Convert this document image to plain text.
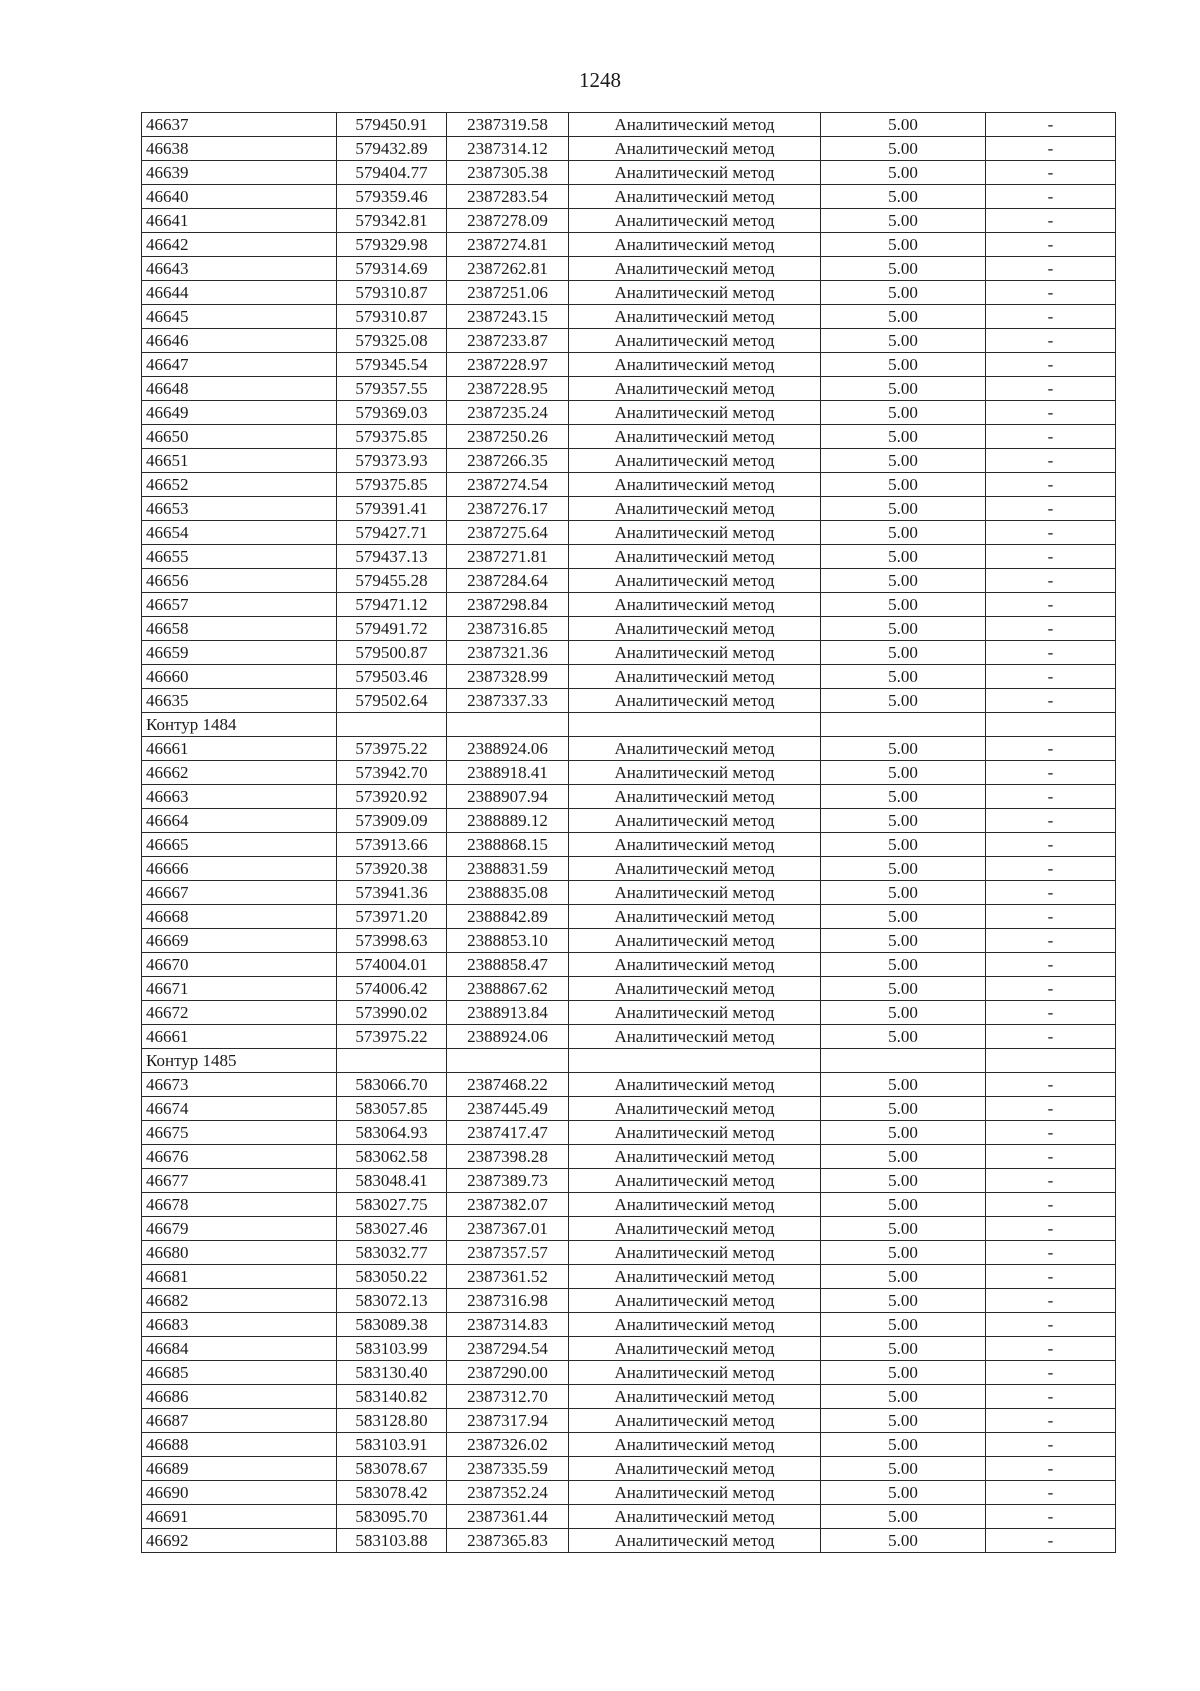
1248
46637	579450.91	2387319.58	Аналитический метод	5.00	-
46638	579432.89	2387314.12	Аналитический метод	5.00	-
46639	579404.77	2387305.38	Аналитический метод	5.00	-
46640	579359.46	2387283.54	Аналитический метод	5.00	-
46641	579342.81	2387278.09	Аналитический метод	5.00	-
46642	579329.98	2387274.81	Аналитический метод	5.00	-
46643	579314.69	2387262.81	Аналитический метод	5.00	-
46644	579310.87	2387251.06	Аналитический метод	5.00	-
46645	579310.87	2387243.15	Аналитический метод	5.00	-
46646	579325.08	2387233.87	Аналитический метод	5.00	-
46647	579345.54	2387228.97	Аналитический метод	5.00	-
46648	579357.55	2387228.95	Аналитический метод	5.00	-
46649	579369.03	2387235.24	Аналитический метод	5.00	-
46650	579375.85	2387250.26	Аналитический метод	5.00	-
46651	579373.93	2387266.35	Аналитический метод	5.00	-
46652	579375.85	2387274.54	Аналитический метод	5.00	-
46653	579391.41	2387276.17	Аналитический метод	5.00	-
46654	579427.71	2387275.64	Аналитический метод	5.00	-
46655	579437.13	2387271.81	Аналитический метод	5.00	-
46656	579455.28	2387284.64	Аналитический метод	5.00	-
46657	579471.12	2387298.84	Аналитический метод	5.00	-
46658	579491.72	2387316.85	Аналитический метод	5.00	-
46659	579500.87	2387321.36	Аналитический метод	5.00	-
46660	579503.46	2387328.99	Аналитический метод	5.00	-
46635	579502.64	2387337.33	Аналитический метод	5.00	-
Контур 1484					
46661	573975.22	2388924.06	Аналитический метод	5.00	-
46662	573942.70	2388918.41	Аналитический метод	5.00	-
46663	573920.92	2388907.94	Аналитический метод	5.00	-
46664	573909.09	2388889.12	Аналитический метод	5.00	-
46665	573913.66	2388868.15	Аналитический метод	5.00	-
46666	573920.38	2388831.59	Аналитический метод	5.00	-
46667	573941.36	2388835.08	Аналитический метод	5.00	-
46668	573971.20	2388842.89	Аналитический метод	5.00	-
46669	573998.63	2388853.10	Аналитический метод	5.00	-
46670	574004.01	2388858.47	Аналитический метод	5.00	-
46671	574006.42	2388867.62	Аналитический метод	5.00	-
46672	573990.02	2388913.84	Аналитический метод	5.00	-
46661	573975.22	2388924.06	Аналитический метод	5.00	-
Контур 1485					
46673	583066.70	2387468.22	Аналитический метод	5.00	-
46674	583057.85	2387445.49	Аналитический метод	5.00	-
46675	583064.93	2387417.47	Аналитический метод	5.00	-
46676	583062.58	2387398.28	Аналитический метод	5.00	-
46677	583048.41	2387389.73	Аналитический метод	5.00	-
46678	583027.75	2387382.07	Аналитический метод	5.00	-
46679	583027.46	2387367.01	Аналитический метод	5.00	-
46680	583032.77	2387357.57	Аналитический метод	5.00	-
46681	583050.22	2387361.52	Аналитический метод	5.00	-
46682	583072.13	2387316.98	Аналитический метод	5.00	-
46683	583089.38	2387314.83	Аналитический метод	5.00	-
46684	583103.99	2387294.54	Аналитический метод	5.00	-
46685	583130.40	2387290.00	Аналитический метод	5.00	-
46686	583140.82	2387312.70	Аналитический метод	5.00	-
46687	583128.80	2387317.94	Аналитический метод	5.00	-
46688	583103.91	2387326.02	Аналитический метод	5.00	-
46689	583078.67	2387335.59	Аналитический метод	5.00	-
46690	583078.42	2387352.24	Аналитический метод	5.00	-
46691	583095.70	2387361.44	Аналитический метод	5.00	-
46692	583103.88	2387365.83	Аналитический метод	5.00	-
